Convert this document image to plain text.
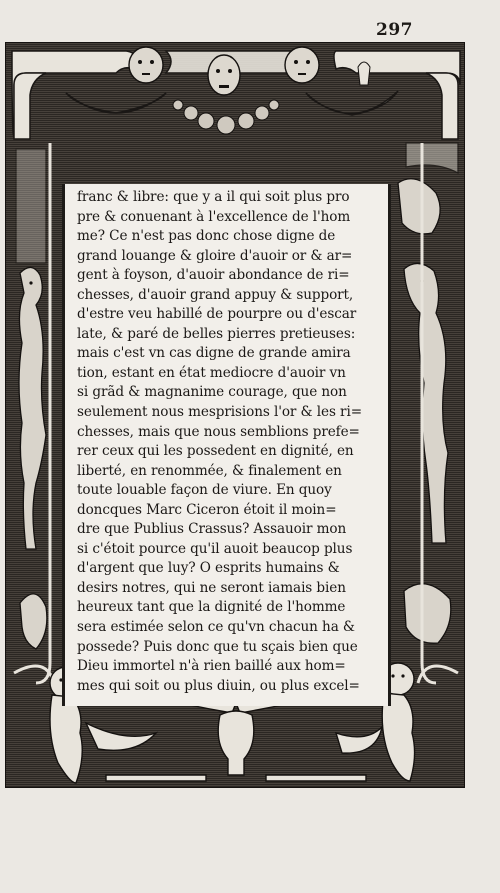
297
franc & libre: que y a il qui soit plus pro
pre & conuenant à l'excellence de l'hom
me? Ce n'est pas donc chose digne de
grand louange & gloire d'auoir or & ar=
gent à foyson, d'auoir abondance de ri=
chesses, d'auoir grand appuy & support,
d'estre veu habillé de pourpre ou d'escar
late, & paré de belles pierres pretieuses:
mais c'est vn cas digne de grande amira
tion, estant en état mediocre d'auoir vn
si grãd & magnanime courage, que non
seulement nous mesprisions l'or & les ri=
chesses, mais que nous semblions prefe=
rer ceux qui les possedent en dignité, en
liberté, en renommée, & finalement en
toute louable façon de viure. En quoy
doncques Marc Ciceron étoit il moin=
dre que Publius Crassus? Assauoir mon
si c'étoit pource qu'il auoit beaucop plus
d'argent que luy? O esprits humains &
desirs notres, qui ne seront iamais bien
heureux tant que la dignité de l'homme
sera estimée selon ce qu'vn chacun ha &
possede? Puis donc que tu sçais bien que
Dieu immortel n'à rien baillé aux hom=
mes qui soit ou plus diuin, ou plus excel=
